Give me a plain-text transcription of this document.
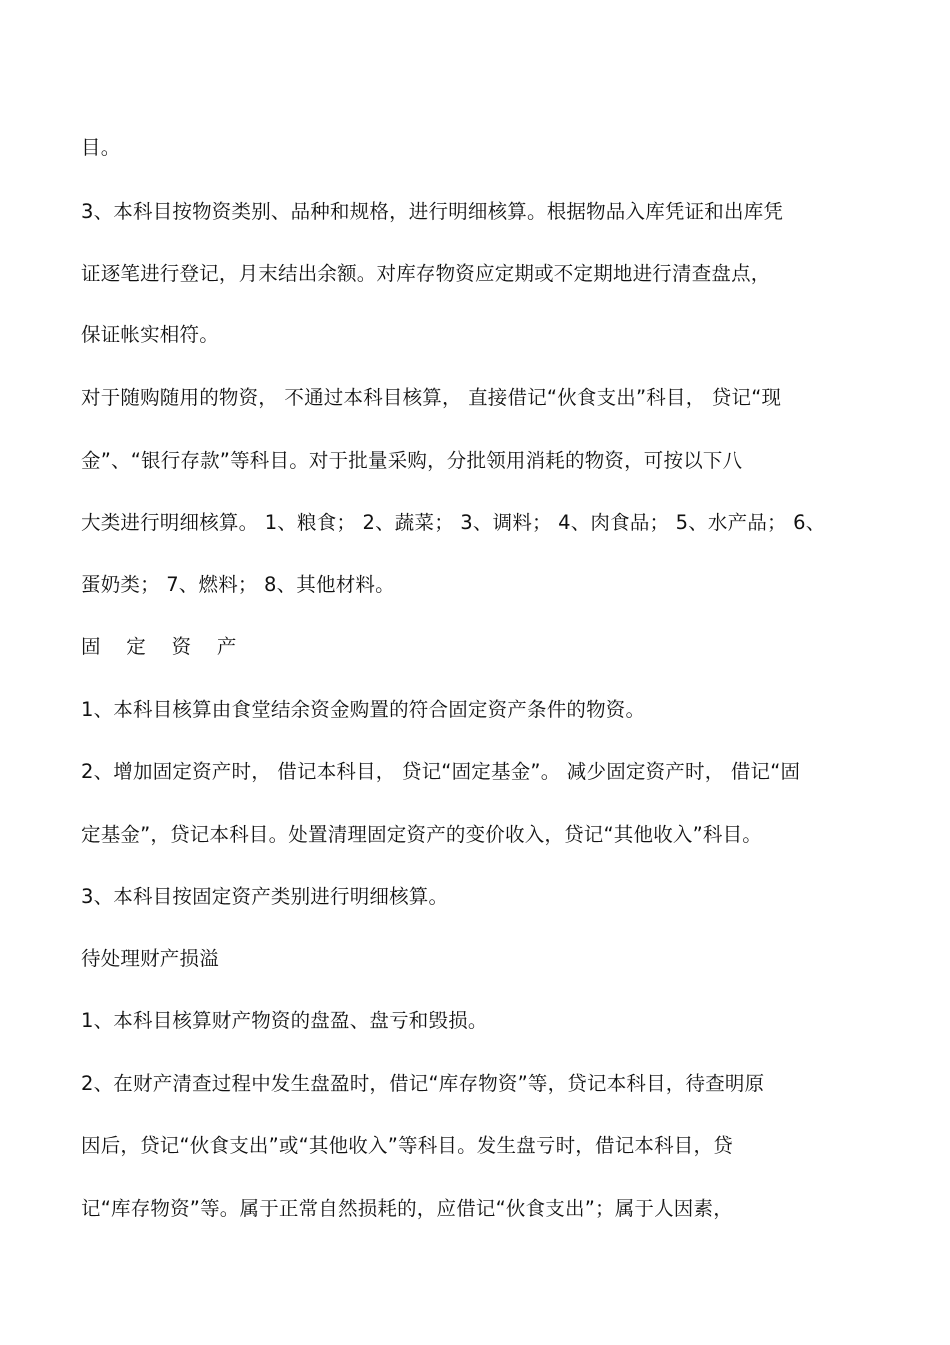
目。

3、本科目按物资类别、品种和规格，进行明细核算。根据物品入库凭证和出库凭

证逐笔进行登记，月末结出余额。对库存物资应定期或不定期地进行清查盘点，

保证帐实相符。

对于随购随用的物资， 不通过本科目核算， 直接借记“伙食支出”科目， 贷记“现

金”、“银行存款”等科目。对于批量采购，分批领用消耗的物资，可按以下八

大类进行明细核算。 1、粮食； 2、蔬菜； 3、调料； 4、肉食品； 5、水产品； 6、

蛋奶类； 7、燃料； 8、其他材料。

固    定    资    产

1、本科目核算由食堂结余资金购置的符合固定资产条件的物资。

2、增加固定资产时， 借记本科目， 贷记“固定基金”。 减少固定资产时， 借记“固

定基金”，贷记本科目。处置清理固定资产的变价收入，贷记“其他收入”科目。

3、本科目按固定资产类别进行明细核算。

待处理财产损溢

1、本科目核算财产物资的盘盈、盘亏和毁损。

2、在财产清查过程中发生盘盈时，借记“库存物资”等，贷记本科目，待查明原

因后，贷记“伙食支出”或“其他收入”等科目。发生盘亏时，借记本科目，贷

记“库存物资”等。属于正常自然损耗的，应借记“伙食支出”；属于人因素，
